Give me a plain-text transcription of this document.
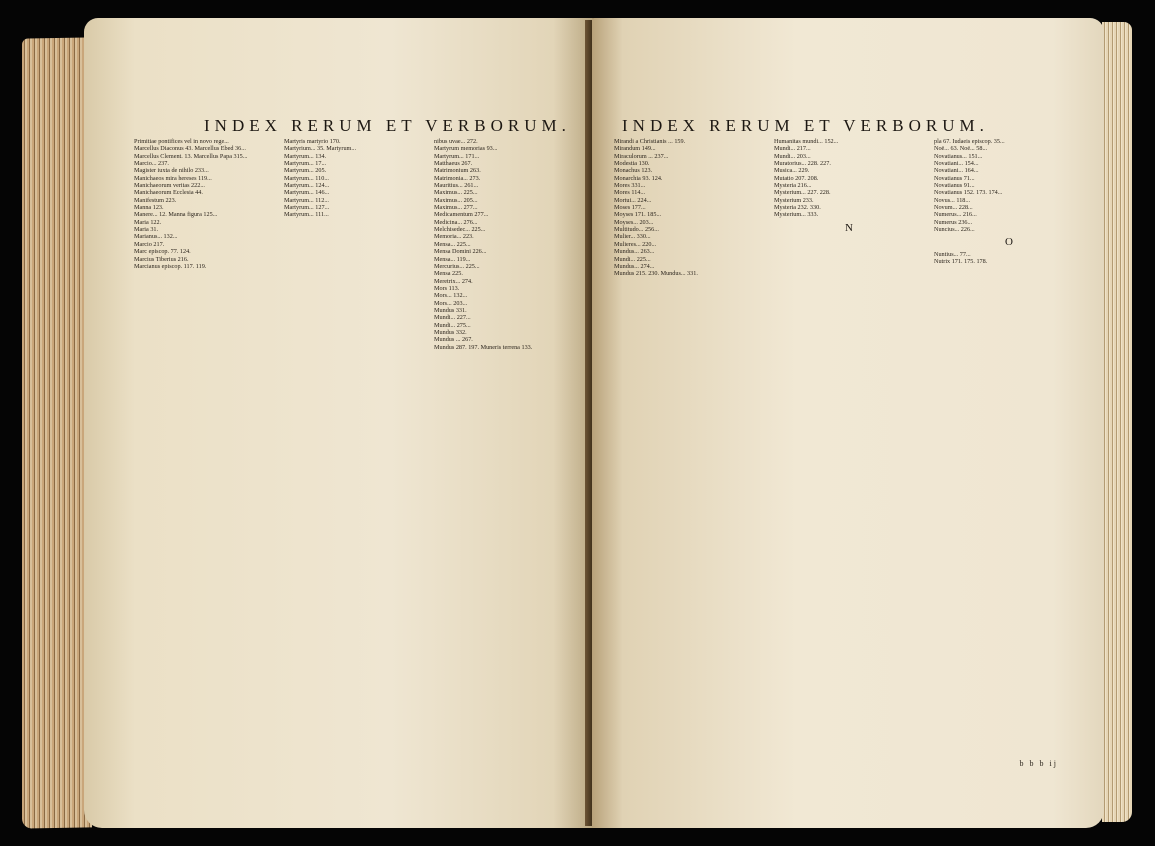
INDEX RERUM ET VERBORUM.

Primitiae pontifices vel in novo rege...

Marcellus Diaconus 43. Marcellus Ebed 36...

Marcellus Clement. 13. Marcellus Papa 315...

Marcio... 237.

Magister iuxta de nihilo 233...

Manichaeos mira hereses 119...

Manichaeorum veritas 222...

Manichaeorum Ecclesia 44.

Manifestum 223.

Manna 123.

Manere... 12. Manna figura 125...

Maria 122.

Maria 31.

Marianus... 132...

Marcio 217.

Marc episcop. 77. 124.

Marcius Tiberius 216.

Marcianus episcop. 117. 119.

Martyris martyrio 170.

Martyrium... 35. Martyrum...

Martyrum... 134.

Martyrum... 17...

Martyrum... 205.

Martyrum... 110...

Martyrum... 124...

Martyrum... 146...

Martyrum... 112...

Martyrum... 127...

Martyrum... 111...

nibus uvae... 272.

Martyrum memorias 93...

Martyrum... 171...

Matthaeus 267.

Matrimonium 263.

Matrimonia... 273.

Mauritius... 261...

Maximus... 225...

Maximus... 205...

Maximus... 277...

Medicamentum 277...

Medicina... 276...

Melchisedec... 225...

Memoria... 223.

Mensa... 225...

Mensa Domini 226...

Mensa... 119...

Mercurius... 225...

Mensa 225.

Meretrix... 274.

Mors 113.

Mors... 132...

Mors... 203...

Mundus 331.

Mundi... 227...

Mundi... 275...

Mundus 332.

Mundus ... 267.

Mundus 287. 197. Muneris terrena 133.

INDEX RERUM ET VERBORUM.

Mirandi a Christianis ... 159.

Mirandum 149...

Miraculorum ... 237...

Modestia 130.

Monachus 123.

Monarchia 93. 124.

Mores 331...

Mores 114...

Mortui... 224...

Moses 177...

Moyses 171. 185...

Moyses... 203...

Multitudo... 256...

Mulier... 330...

Mulieres... 220...

Mundus... 263...

Mundi... 225...

Mundus... 274...

Mundus 215. 230. Mundus... 331.

Humanitas mundi... 152...

Mundi... 217...

Mundi... 203...

Muratorius... 228. 227.

Musica... 229.

Mutatio 207. 208.

Mysteria 216...

Mysterium... 227. 228.

Mysterium 233.

Mysteria 232. 330.

Mysterium... 333.

N

pla 67. Iudaeis episcop. 35...

Noë... 63. Noë... 58...

Novatianus... 151...

Novatiani... 154...

Novatiani... 164...

Novatianus 71...

Novatianus 91...

Novatianus 152. 173. 174...

Novus... 118...

Novum... 228...

Numerus... 216...

Numerus 236...

Nuncius... 226...

O

Nuntius... 77...

Nutrix 171. 175. 178.

b b b ij
